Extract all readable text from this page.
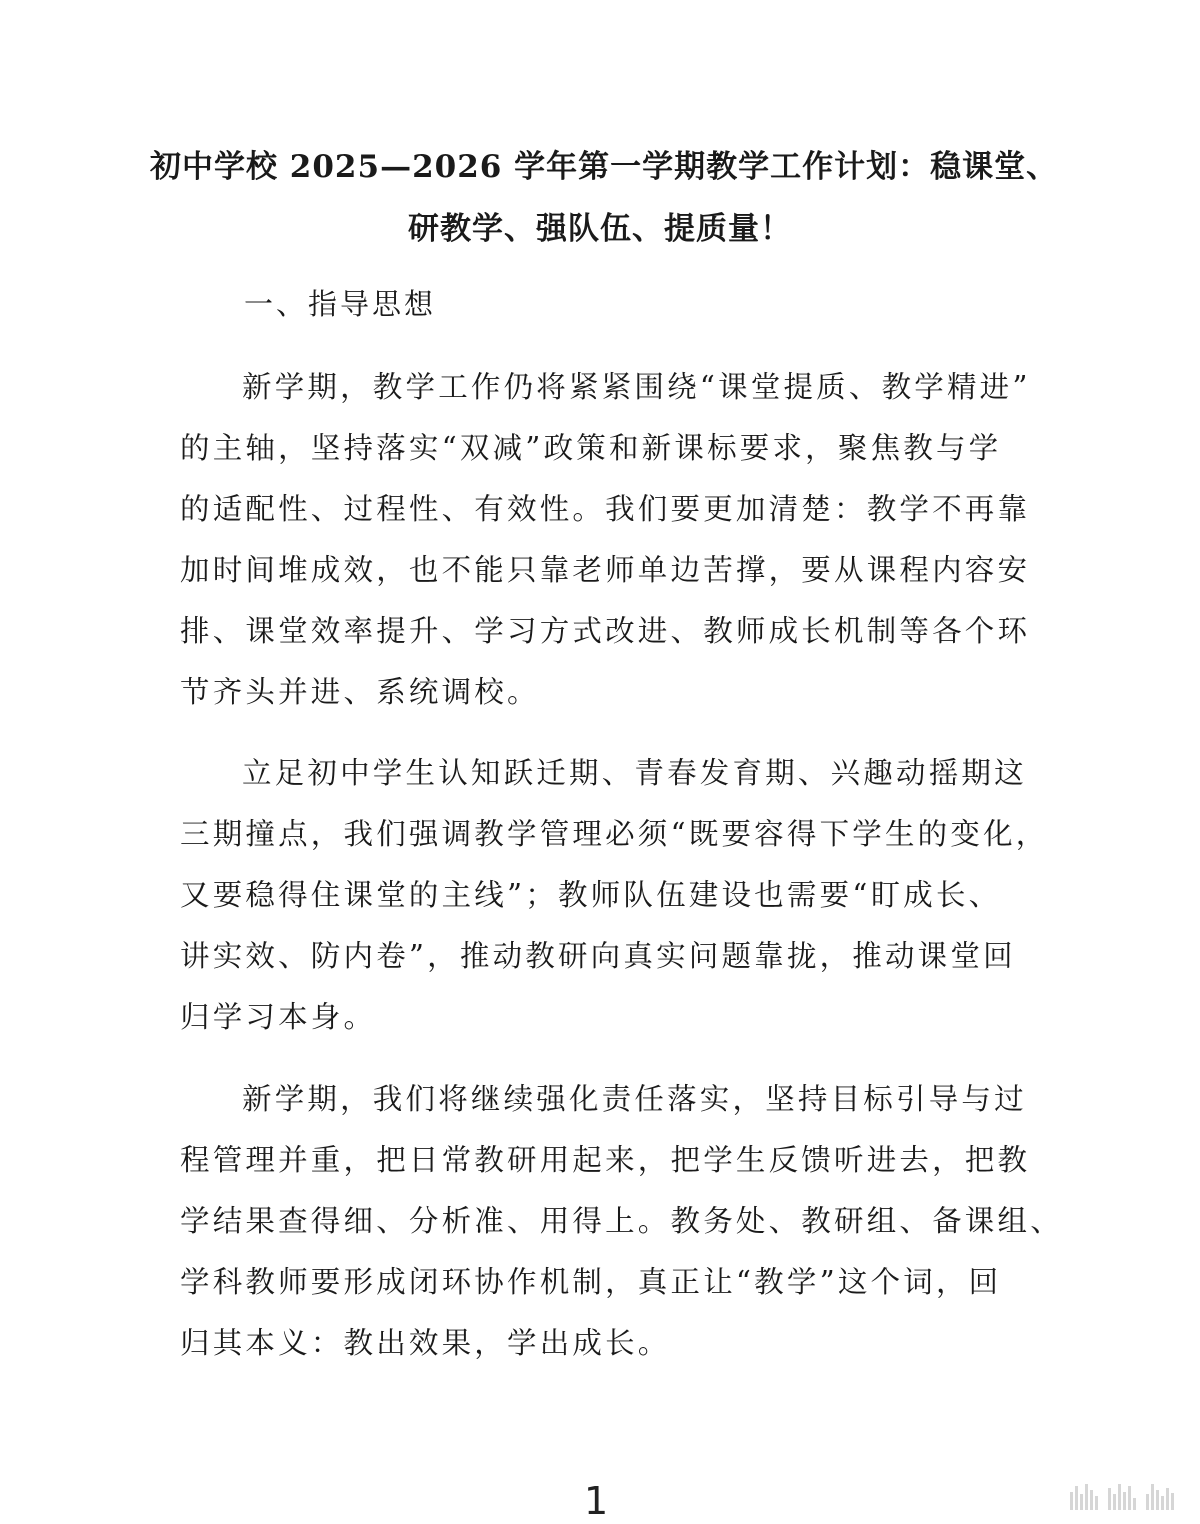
初中学校 2025—2026 学年第一学期教学工作计划：稳课堂、
研教学、强队伍、提质量！
一、指导思想
新学期，教学工作仍将紧紧围绕“课堂提质、教学精进”
的主轴，坚持落实“双减”政策和新课标要求，聚焦教与学
的适配性、过程性、有效性。我们要更加清楚：教学不再靠
加时间堆成效，也不能只靠老师单边苦撑，要从课程内容安
排、课堂效率提升、学习方式改进、教师成长机制等各个环
节齐头并进、系统调校。
立足初中学生认知跃迁期、青春发育期、兴趣动摇期这
三期撞点，我们强调教学管理必须“既要容得下学生的变化，
又要稳得住课堂的主线”；教师队伍建设也需要“盯成长、
讲实效、防内卷”，推动教研向真实问题靠拢，推动课堂回
归学习本身。
新学期，我们将继续强化责任落实，坚持目标引导与过
程管理并重，把日常教研用起来，把学生反馈听进去，把教
学结果查得细、分析准、用得上。教务处、教研组、备课组、
学科教师要形成闭环协作机制，真正让“教学”这个词，回
归其本义：教出效果，学出成长。
1
